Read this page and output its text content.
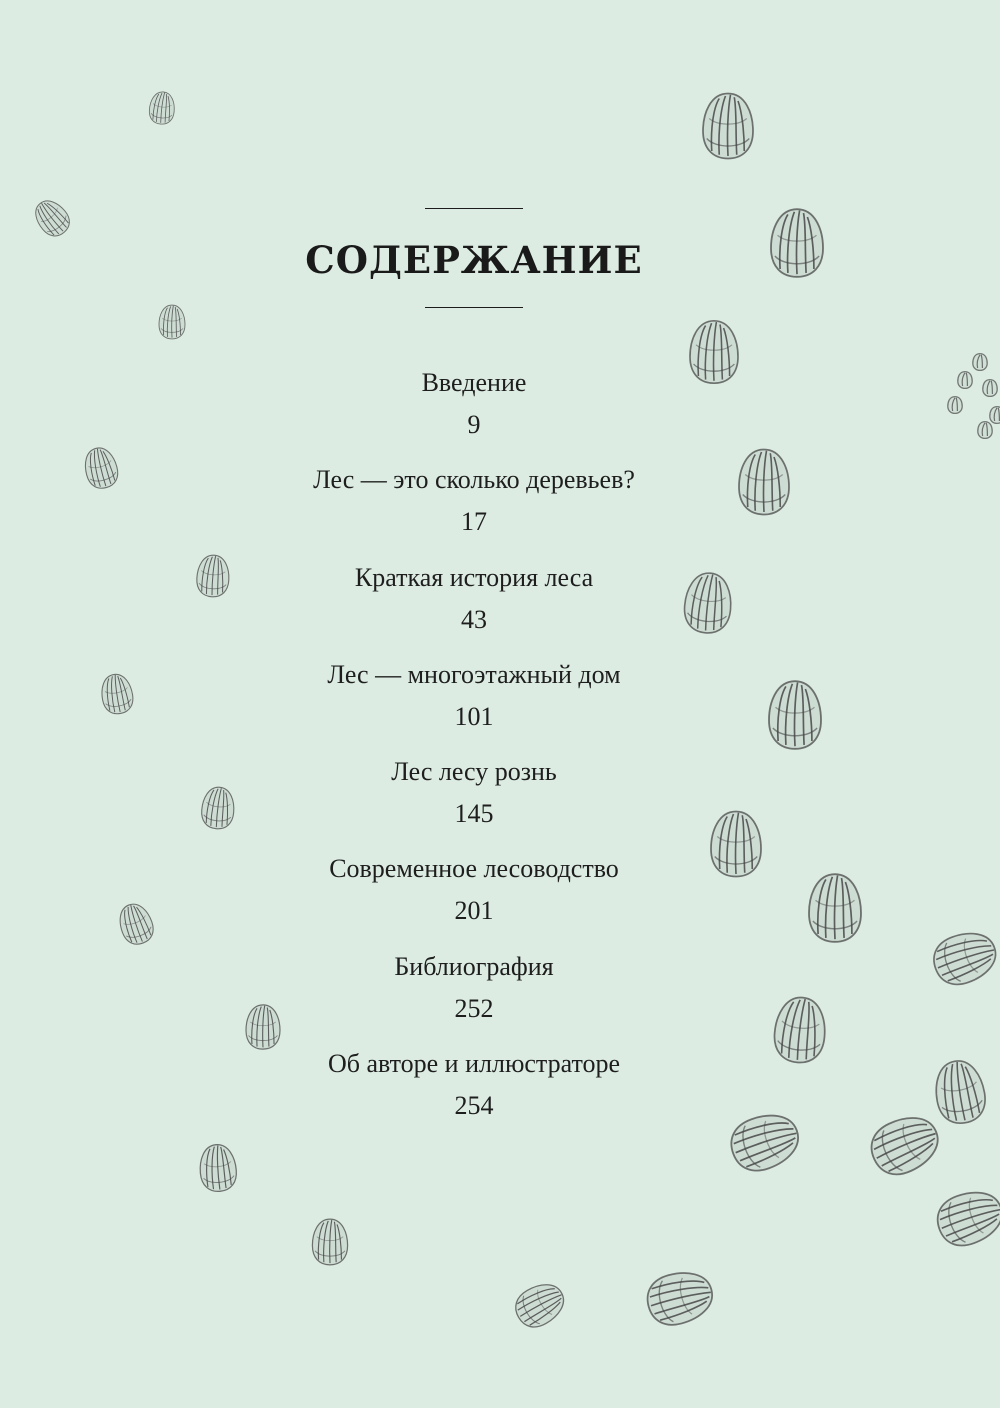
СОДЕРЖАНИЕ
Введение
9
Лес — это сколько деревьев?
17
Краткая история леса
43
Лес — многоэтажный дом
101
Лес лесу рознь
145
Современное лесоводство
201
Библиография
252
Об авторе и иллюстраторе
254
